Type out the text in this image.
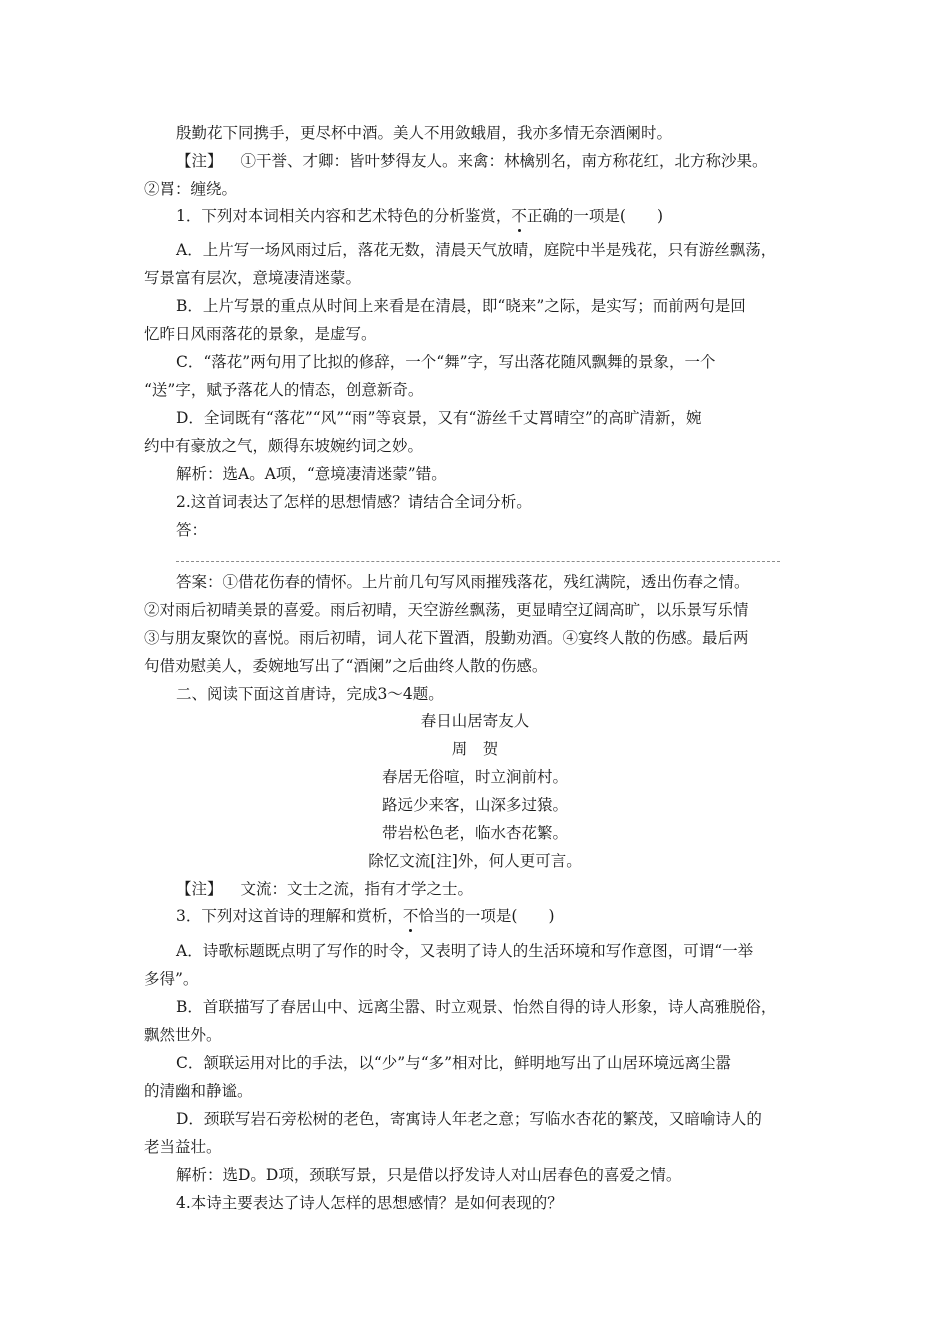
殷勤花下同携手，更尽杯中酒。美人不用敛蛾眉，我亦多情无奈酒阑时。
【注】 ①干誉、才卿：皆叶梦得友人。来禽：林檎别名，南方称花红，北方称沙果。
②罥：缠绕。
1．下列对本词相关内容和艺术特色的分析鉴赏，不正确的一项是(　　)
A．上片写一场风雨过后，落花无数，清晨天气放晴，庭院中半是残花，只有游丝飘荡，
写景富有层次，意境凄清迷蒙。
B．上片写景的重点从时间上来看是在清晨，即“晓来”之际，是实写；而前两句是回
忆昨日风雨落花的景象，是虚写。
C．“落花”两句用了比拟的修辞，一个“舞”字，写出落花随风飘舞的景象，一个
“送”字，赋予落花人的情态，创意新奇。
D．全词既有“落花”“风”“雨”等哀景，又有“游丝千丈罥晴空”的高旷清新，婉
约中有豪放之气，颇得东坡婉约词之妙。
解析：选A。A项，“意境凄清迷蒙”错。
2.这首词表达了怎样的思想情感？请结合全词分析。
答：
答案：①借花伤春的情怀。上片前几句写风雨摧残落花，残红满院，透出伤春之情。
②对雨后初晴美景的喜爱。雨后初晴，天空游丝飘荡，更显晴空辽阔高旷，以乐景写乐情
③与朋友聚饮的喜悦。雨后初晴，词人花下置酒，殷勤劝酒。④宴终人散的伤感。最后两
句借劝慰美人，委婉地写出了“酒阑”之后曲终人散的伤感。
二、阅读下面这首唐诗，完成3～4题。
春日山居寄友人
周　贺
春居无俗喧，时立涧前村。
路远少来客，山深多过猿。
带岩松色老，临水杏花繁。
除忆文流[注]外，何人更可言。
【注】 文流：文士之流，指有才学之士。
3．下列对这首诗的理解和赏析，不恰当的一项是(　　)
A．诗歌标题既点明了写作的时令，又表明了诗人的生活环境和写作意图，可谓“一举
多得”。
B．首联描写了春居山中、远离尘嚣、时立观景、怡然自得的诗人形象，诗人高雅脱俗，
飘然世外。
C．颔联运用对比的手法，以“少”与“多”相对比，鲜明地写出了山居环境远离尘嚣
的清幽和静谧。
D．颈联写岩石旁松树的老色，寄寓诗人年老之意；写临水杏花的繁茂，又暗喻诗人的
老当益壮。
解析：选D。D项，颈联写景，只是借以抒发诗人对山居春色的喜爱之情。
4.本诗主要表达了诗人怎样的思想感情？是如何表现的？
